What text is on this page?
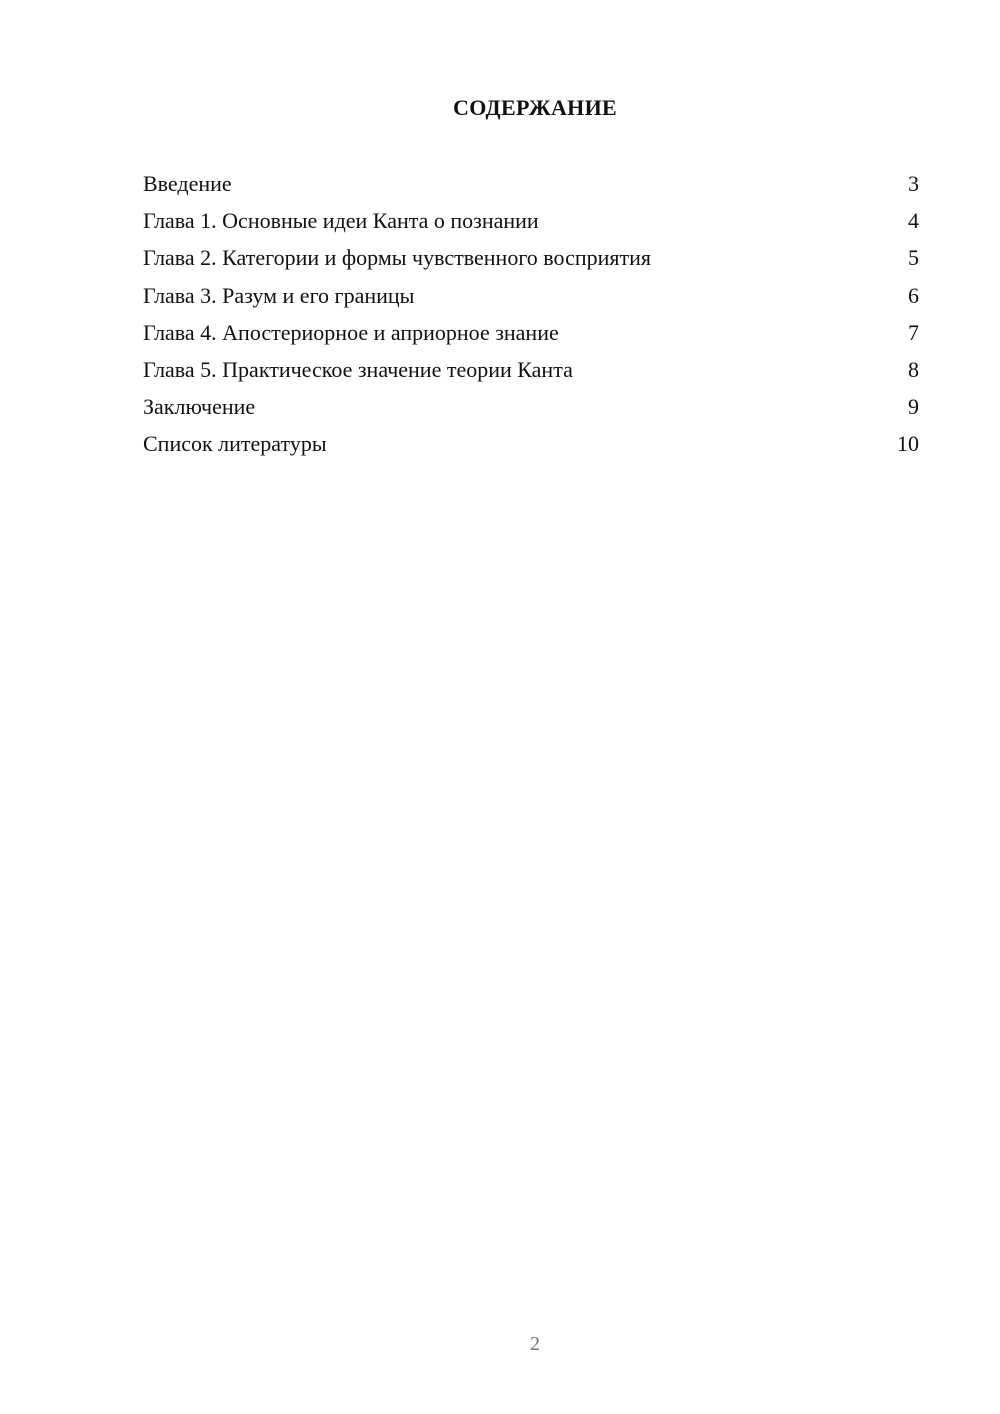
СОДЕРЖАНИЕ
Введение	3
Глава 1. Основные идеи Канта о познании	4
Глава 2. Категории и формы чувственного восприятия	5
Глава 3. Разум и его границы	6
Глава 4. Апостериорное и априорное знание	7
Глава 5. Практическое значение теории Канта	8
Заключение	9
Список литературы	10
2
